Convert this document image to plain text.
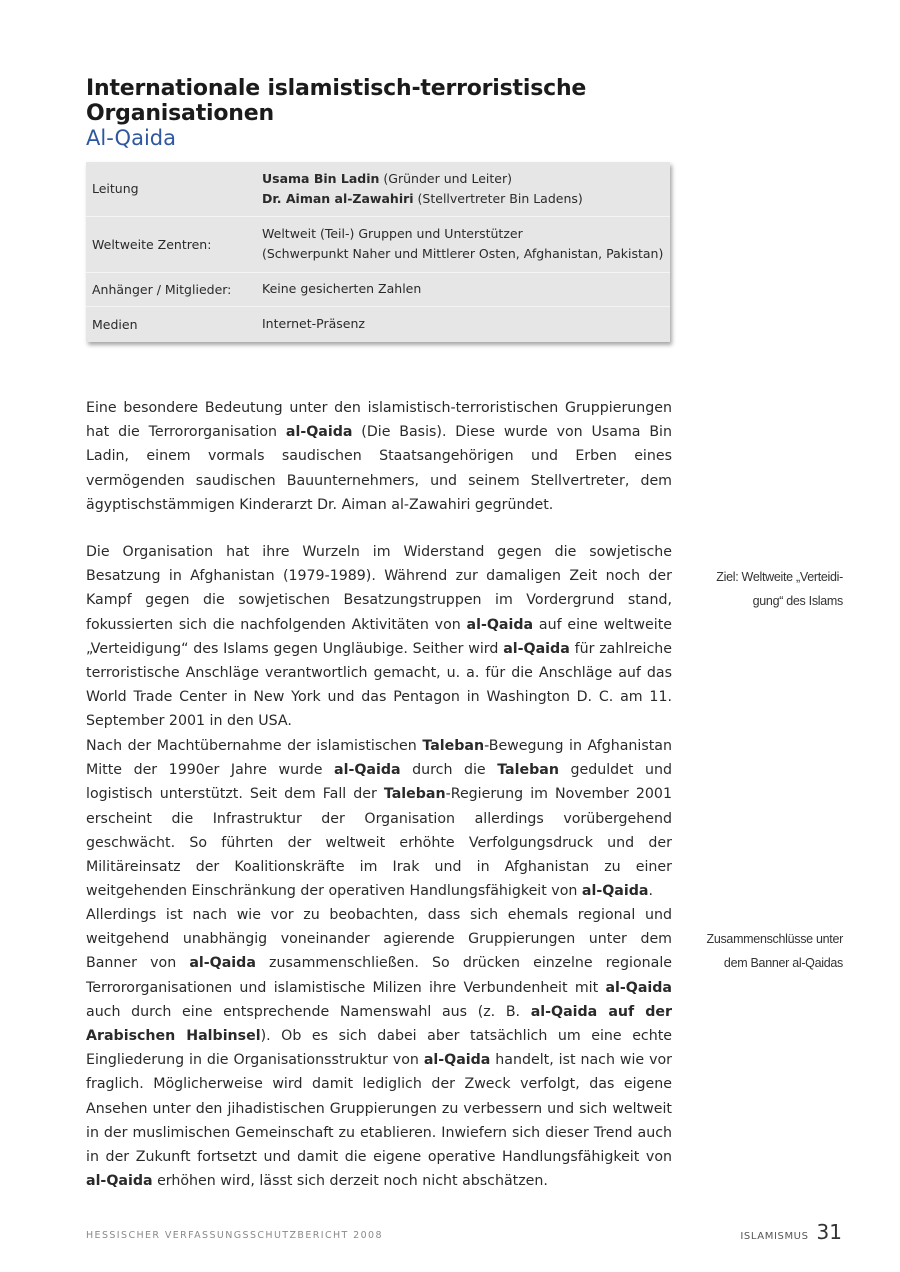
Internationale islamistisch-terroristische Organisationen
Al-Qaida
Leitung	Usama Bin Ladin (Gründer und Leiter)
Dr. Aiman al-Zawahiri (Stellvertreter Bin Ladens)

Weltweite Zentren:	Weltweit (Teil-) Gruppen und Unterstützer
(Schwerpunkt Naher und Mittlerer Osten, Afghanistan, Pakistan)

Anhänger / Mitglieder:	Keine gesicherten Zahlen

Medien	Internet-Präsenz

Eine besondere Bedeutung unter den islamistisch-terroristischen Gruppierungen hat die Terrororganisation al-Qaida (Die Basis). Diese wurde von Usama Bin Ladin, einem vormals saudischen Staatsangehörigen und Erben eines vermögenden saudischen Bauunternehmers, und seinem Stellvertreter, dem ägyptischstämmigen Kinderarzt Dr. Aiman al-Zawahiri gegründet.

Die Organisation hat ihre Wurzeln im Widerstand gegen die sowjetische Besatzung in Afghanistan (1979-1989). Während zur damaligen Zeit noch der Kampf gegen die sowjetischen Besatzungstruppen im Vordergrund stand, fokussierten sich die nachfolgenden Aktivitäten von al-Qaida auf eine weltweite „Verteidigung“ des Islams gegen Ungläubige. Seither wird al-Qaida für zahlreiche terroristische Anschläge verantwortlich gemacht, u. a. für die Anschläge auf das World Trade Center in New York und das Pentagon in Washington D. C. am 11. September 2001 in den USA.

Nach der Machtübernahme der islamistischen Taleban-Bewegung in Afghanistan Mitte der 1990er Jahre wurde al-Qaida durch die Taleban geduldet und logistisch unterstützt. Seit dem Fall der Taleban-Regierung im November 2001 erscheint die Infrastruktur der Organisation allerdings vorübergehend geschwächt. So führten der weltweit erhöhte Verfolgungsdruck und der Militäreinsatz der Koalitionskräfte im Irak und in Afghanistan zu einer weitgehenden Einschränkung der operativen Handlungsfähigkeit von al-Qaida.

Allerdings ist nach wie vor zu beobachten, dass sich ehemals regional und weitgehend unabhängig voneinander agierende Gruppierungen unter dem Banner von al-Qaida zusammenschließen. So drücken einzelne regionale Terrororganisationen und islamistische Milizen ihre Verbundenheit mit al-Qaida auch durch eine entsprechende Namenswahl aus (z. B. al-Qaida auf der Arabischen Halbinsel). Ob es sich dabei aber tatsächlich um eine echte Eingliederung in die Organisationsstruktur von al-Qaida handelt, ist nach wie vor fraglich. Möglicherweise wird damit lediglich der Zweck verfolgt, das eigene Ansehen unter den jihadistischen Gruppierungen zu verbessern und sich weltweit in der muslimischen Gemeinschaft zu etablieren. Inwiefern sich dieser Trend auch in der Zukunft fortsetzt und damit die eigene operative Handlungsfähigkeit von al-Qaida erhöhen wird, lässt sich derzeit noch nicht abschätzen.

Ziel: Weltweite „Verteidi-gung“ des Islams
Zusammenschlüsse unter dem Banner al-Qaidas
HESSISCHER VERFASSUNGSSCHUTZBERICHT 2008	ISLAMISMUS 31
